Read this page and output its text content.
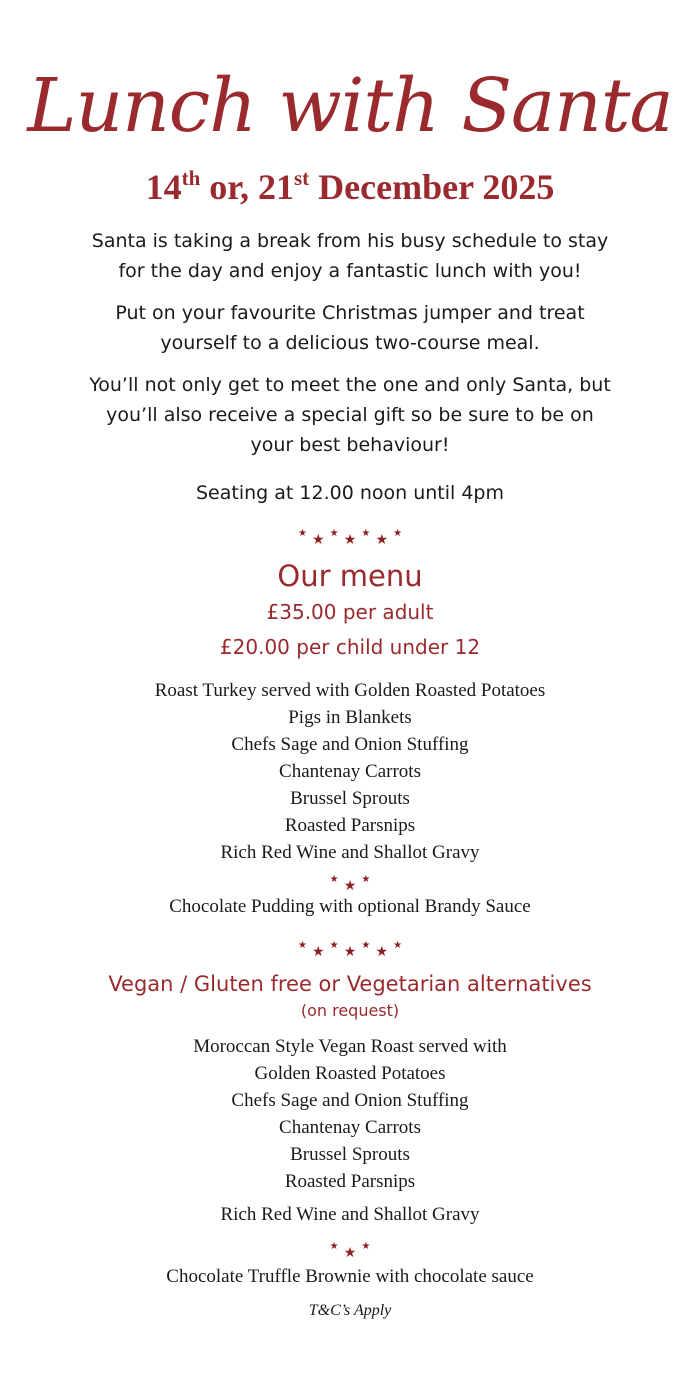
Lunch with Santa
14th or, 21st December 2025
Santa is taking a break from his busy schedule to stay
for the day and enjoy a fantastic lunch with you!
Put on your favourite Christmas jumper and treat
yourself to a delicious two-course meal.
You’ll not only get to meet the one and only Santa, but
you’ll also receive a special gift so be sure to be on
your best behaviour!
Seating at 12.00 noon until 4pm
★ ★ ★ ★ ★ ★ ★
Our menu
£35.00 per adult
£20.00 per child under 12
Roast Turkey served with Golden Roasted Potatoes
Pigs in Blankets
Chefs Sage and Onion Stuffing
Chantenay Carrots
Brussel Sprouts
Roasted Parsnips
Rich Red Wine and Shallot Gravy
★ ★ ★
Chocolate Pudding with optional Brandy Sauce
★ ★ ★ ★ ★ ★ ★
Vegan / Gluten free or Vegetarian alternatives
(on request)
Moroccan Style Vegan Roast served with
Golden Roasted Potatoes
Chefs Sage and Onion Stuffing
Chantenay Carrots
Brussel Sprouts
Roasted Parsnips
Rich Red Wine and Shallot Gravy
★ ★ ★
Chocolate Truffle Brownie with chocolate sauce
T&C’s Apply
